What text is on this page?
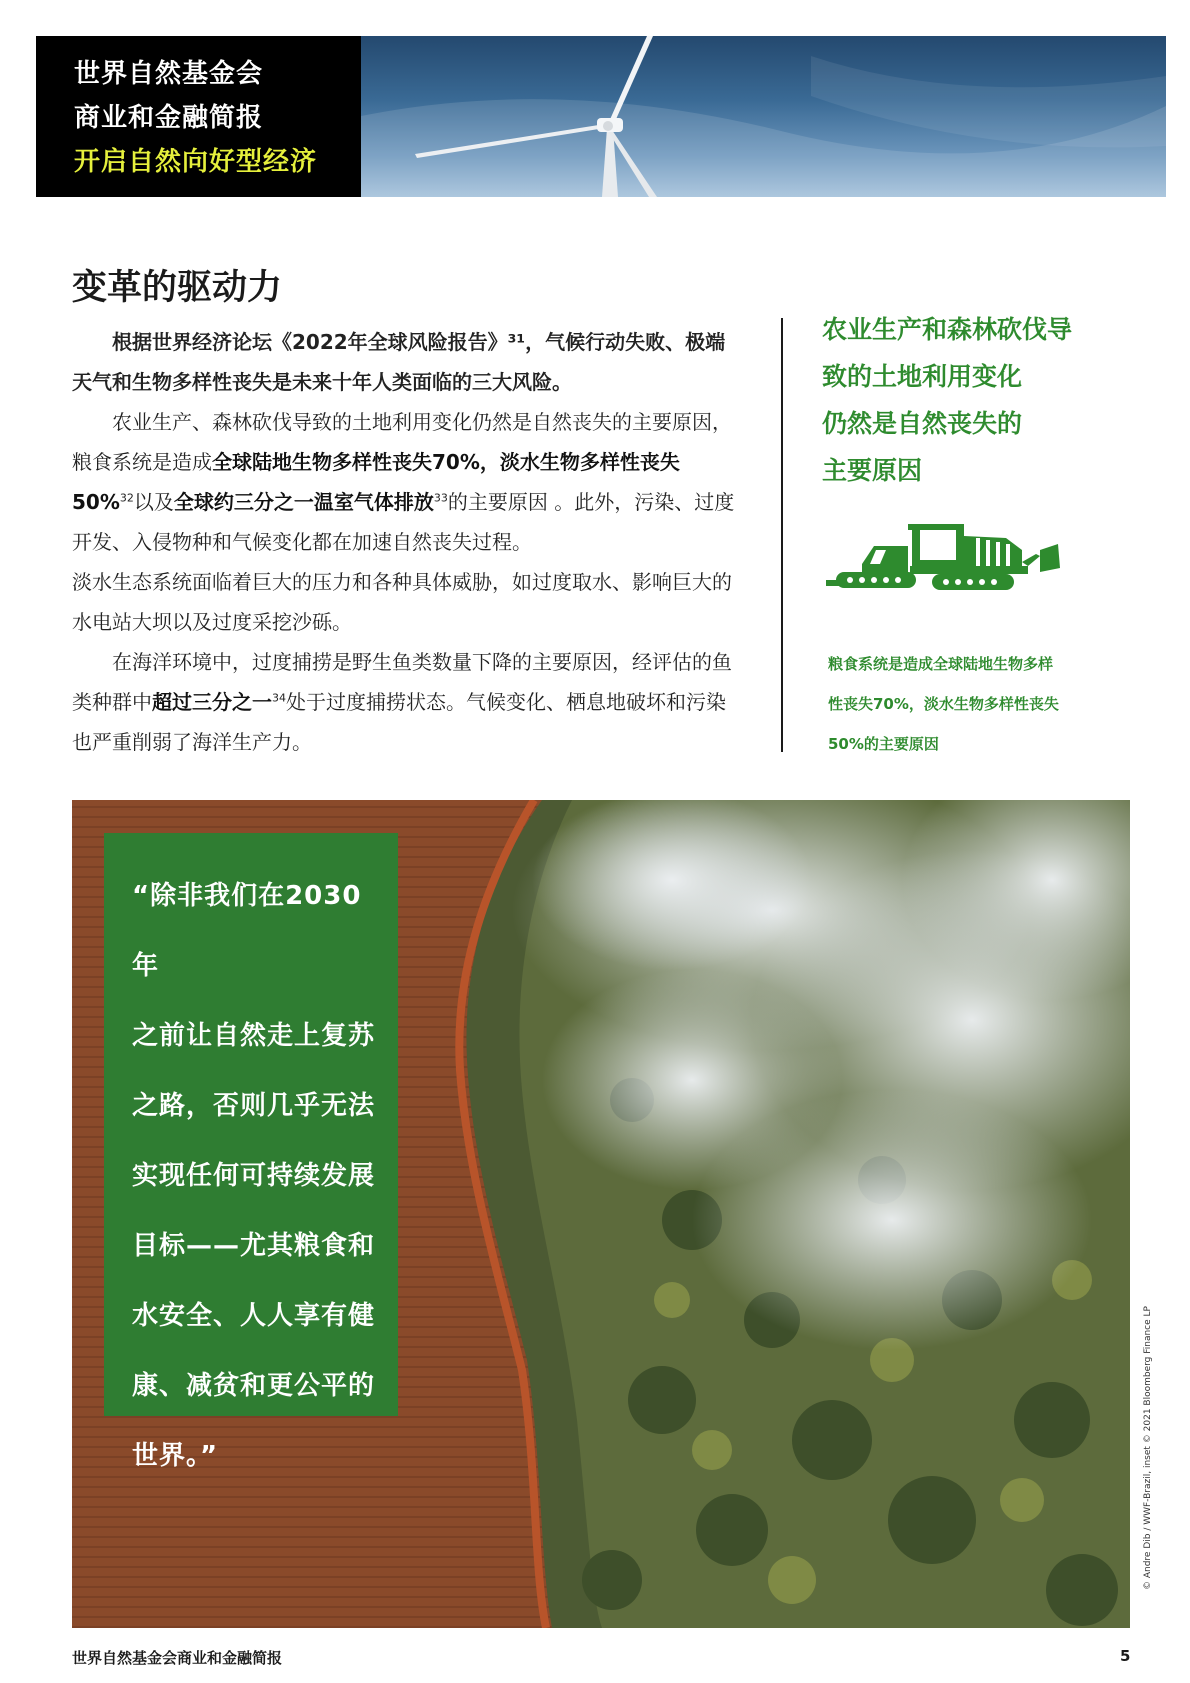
世界自然基金会
商业和金融简报
开启自然向好型经济
变革的驱动力

根据世界经济论坛《2022年全球风险报告》³¹，气候行动失败、极端天气和生物多样性丧失是未来十年人类面临的三大风险。

农业生产、森林砍伐导致的土地利用变化仍然是自然丧失的主要原因，粮食系统是造成全球陆地生物多样性丧失70%，淡水生物多样性丧失50%$^{32}$以及全球约三分之一温室气体排放$^{33}$的主要原因 。此外，污染、过度开发、入侵物种和气候变化都在加速自然丧失过程。

淡水生态系统面临着巨大的压力和各种具体威胁，如过度取水、影响巨大的水电站大坝以及过度采挖沙砾。

在海洋环境中，过度捕捞是野生鱼类数量下降的主要原因，经评估的鱼类种群中超过三分之一$^{34}$处于过度捕捞状态。气候变化、栖息地破坏和污染也严重削弱了海洋生产力。

农业生产和森林砍伐导
致的土地利用变化
仍然是自然丧失的
主要原因
粮食系统是造成全球陆地生物多样
性丧失70%，淡水生物多样性丧失
50%的主要原因
“除非我们在2030年
之前让自然走上复苏
之路，否则几乎无法
实现任何可持续发展
目标——尤其粮食和
水安全、人人享有健
康、减贫和更公平的
世界。”	© Andre Dib / WWF-Brazil, inset © 2021 Bloomberg Finance LP
世界自然基金会商业和金融简报	5
